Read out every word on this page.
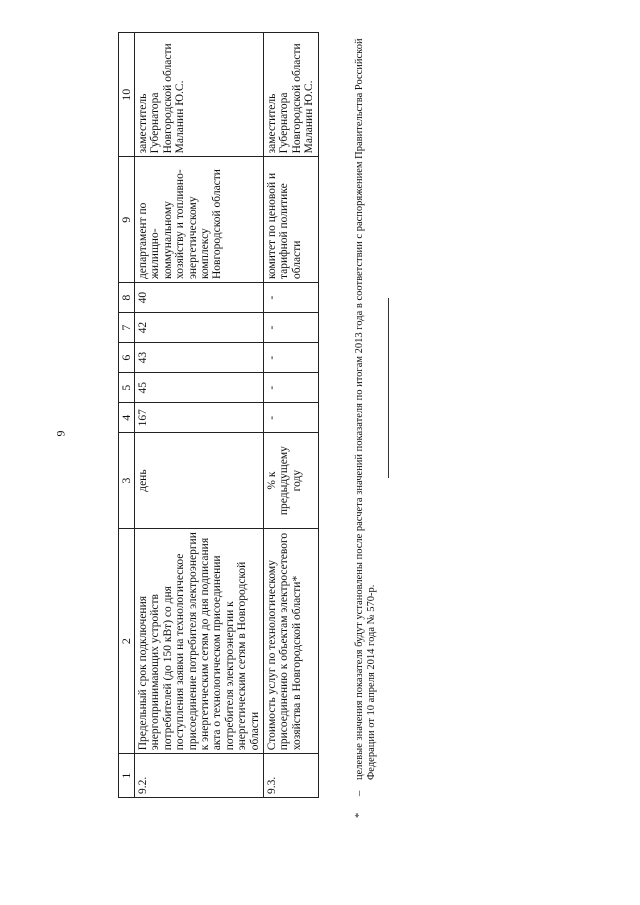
9
1	2	3	4	5	6	7	8	9	10
9.2.	Предельный срок подключения энергопринимающих устройств потребителей (до 150 кВт) со дня поступления заявки на технологическое присоединение потребителя электроэнергии к энергетическим сетям до дня подписания акта о технологическом присоединении потребителя электроэнергии к энергетическим сетям в Новгородской области	день	167	45	43	42	40	департамент по жилищно-коммунальному хозяйству и топливно-энергетическому комплексу Новгородской области	заместитель Губернатора Новгородской области Маланин Ю.С.
9.3.	Стоимость услуг по технологическому присоединению к объектам электросетевого хозяйства в Новгородской области*	% к предыдущему году	-	-	-	-	-	комитет по ценовой и тарифной политике области	заместитель Губернатора Новгородской области Маланин Ю.С.
*
–
целевые значения показателя будут установлены после расчета значений показателя по итогам 2013 года в соответствии с распоряжением Правительства Российской Федерации от 10 апреля 2014 года № 570-р.
